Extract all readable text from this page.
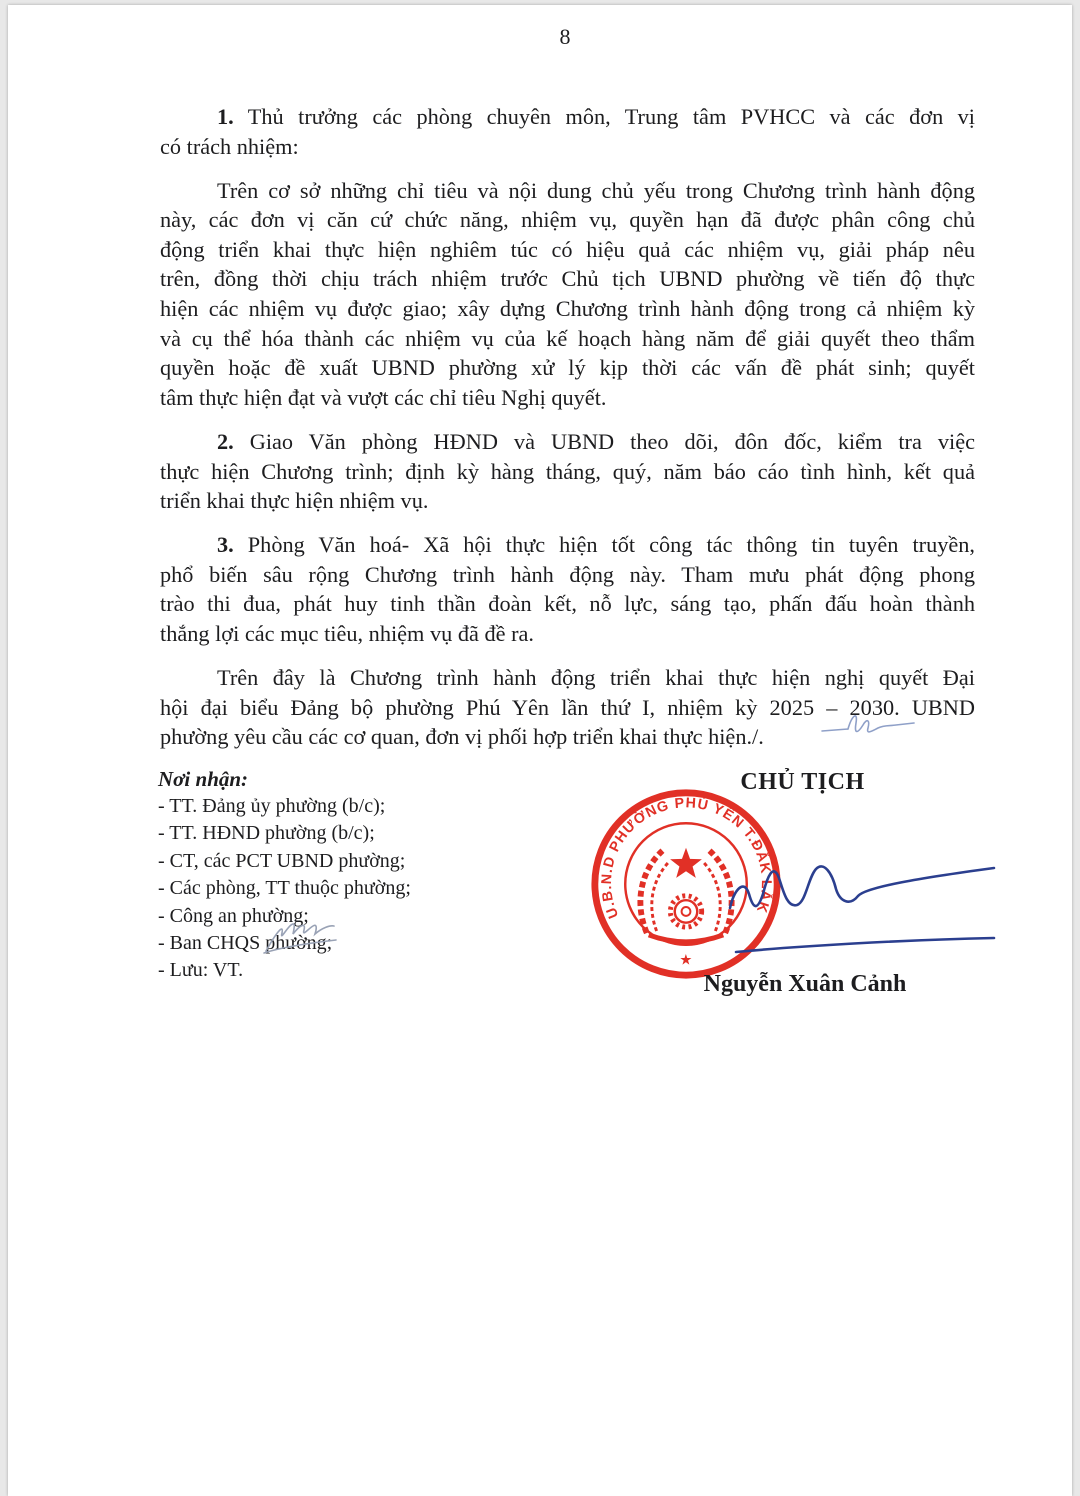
8
1. Thủ trưởng các phòng chuyên môn, Trung tâm PVHCC và các đơn vị
có trách nhiệm:
Trên cơ sở những chỉ tiêu và nội dung chủ yếu trong Chương trình hành động
này, các đơn vị căn cứ chức năng, nhiệm vụ, quyền hạn đã được phân công chủ
động triển khai thực hiện nghiêm túc có hiệu quả các nhiệm vụ, giải pháp nêu
trên, đồng thời chịu trách nhiệm trước Chủ tịch UBND phường về tiến độ thực
hiện các nhiệm vụ được giao; xây dựng Chương trình hành động trong cả nhiệm kỳ
và cụ thể hóa thành các nhiệm vụ của kế hoạch hàng năm để giải quyết theo thẩm
quyền hoặc đề xuất UBND phường xử lý kịp thời các vấn đề phát sinh; quyết
tâm thực hiện đạt và vượt các chỉ tiêu Nghị quyết.
2. Giao Văn phòng HĐND và UBND theo dõi, đôn đốc, kiểm tra việc
thực hiện Chương trình; định kỳ hàng tháng, quý, năm báo cáo tình hình, kết quả
triển khai thực hiện nhiệm vụ.
3. Phòng Văn hoá- Xã hội thực hiện tốt công tác thông tin tuyên truyền,
phổ biến sâu rộng Chương trình hành động này. Tham mưu phát động phong
trào thi đua, phát huy tinh thần đoàn kết, nỗ lực, sáng tạo, phấn đấu hoàn thành
thắng lợi các mục tiêu, nhiệm vụ đã đề ra.
Trên đây là Chương trình hành động triển khai thực hiện nghị quyết Đại
hội đại biểu Đảng bộ phường Phú Yên lần thứ I, nhiệm kỳ 2025 – 2030. UBND
phường yêu cầu các cơ quan, đơn vị phối hợp triển khai thực hiện./.
Nơi nhận:
- TT. Đảng ủy phường (b/c);
- TT. HĐND phường (b/c);
- CT, các PCT UBND phường;
- Các phòng, TT thuộc phường;
- Công an phường;
- Ban CHQS phường;
- Lưu: VT.
CHỦ TỊCH
U.B.N.D PHƯỜNG PHÚ YÊN T.ĐẮK LẮK
★
Nguyễn Xuân Cảnh
